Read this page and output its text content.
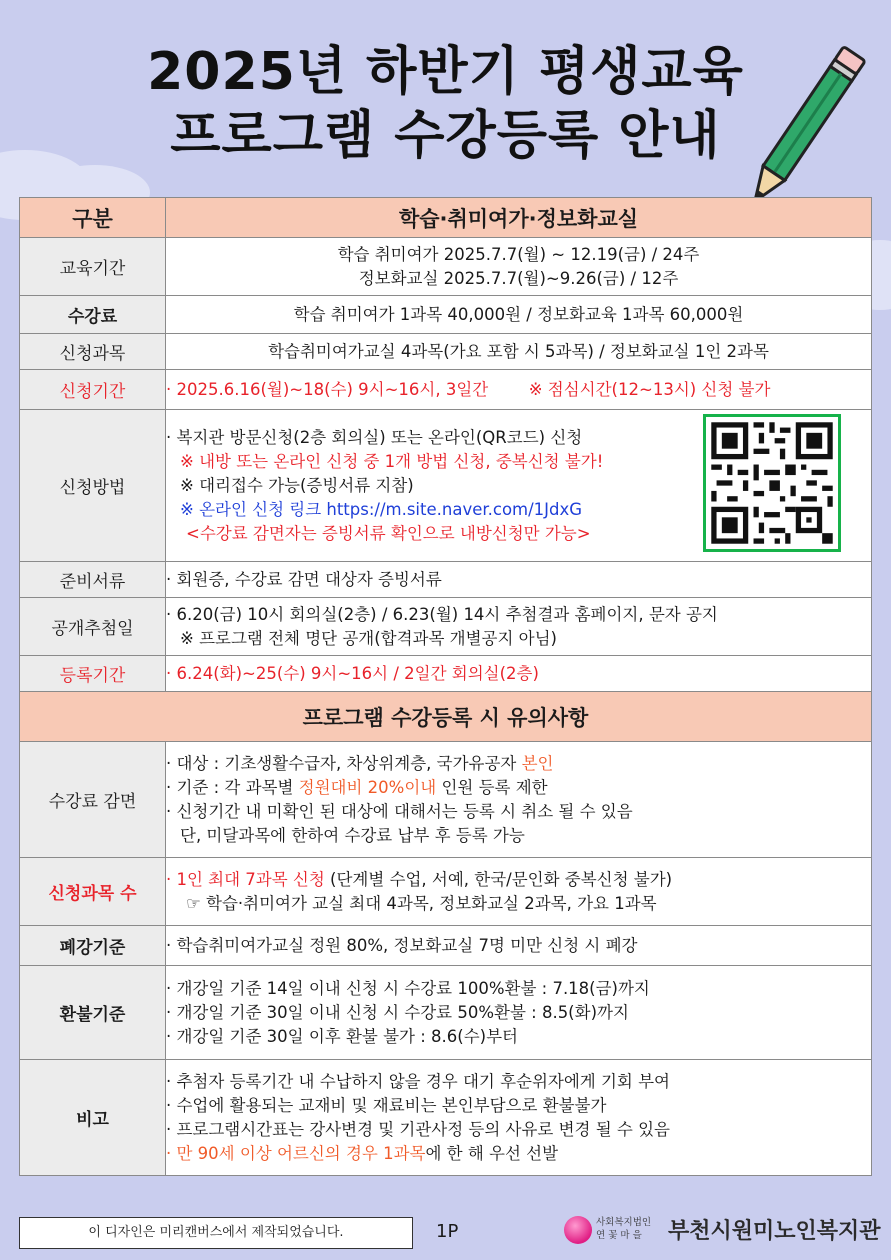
2025년 하반기 평생교육
프로그램 수강등록 안내
구분	학습·취미여가·정보화교실
교육기간	학습 취미여가 2025.7.7(월) ~ 12.19(금) / 24주
정보화교실 2025.7.7(월)~9.26(금) / 12주

수강료	학습 취미여가 1과목 40,000원 / 정보화교육 1과목 60,000원
신청과목	학습취미여가교실 4과목(가요 포함 시 5과목) / 정보화교실 1인 2과목
신청기간	· 2025.6.16(월)~18(수) 9시~16시, 3일간 ※ 점심시간(12~13시) 신청 불가
신청방법	· 복지관 방문신청(2층 회의실) 또는 온라인(QR코드) 신청
※ 내방 또는 온라인 신청 중 1개 방법 신청, 중복신청 불가!
※ 대리접수 가능(증빙서류 지참)
※ 온라인 신청 링크 https://m.site.naver.com/1JdxG
<수강료 감면자는 증빙서류 확인으로 내방신청만 가능>

준비서류	· 회원증, 수강료 감면 대상자 증빙서류
공개추첨일	· 6.20(금) 10시 회의실(2층) / 6.23(월) 14시 추첨결과 홈페이지, 문자 공지
※ 프로그램 전체 명단 공개(합격과목 개별공지 아님)

등록기간	· 6.24(화)~25(수) 9시~16시 / 2일간 회의실(2층)
프로그램 수강등록 시 유의사항	
수강료 감면	· 대상 : 기초생활수급자, 차상위계층, 국가유공자 본인
· 기준 : 각 과목별 정원대비 20%이내 인원 등록 제한
· 신청기간 내 미확인 된 대상에 대해서는 등록 시 취소 될 수 있음
단, 미달과목에 한하여 수강료 납부 후 등록 가능

신청과목 수	· 1인 최대 7과목 신청 (단계별 수업, 서예, 한국/문인화 중복신청 불가)
☞ 학습·취미여가 교실 최대 4과목, 정보화교실 2과목, 가요 1과목

폐강기준	· 학습취미여가교실 정원 80%, 정보화교실 7명 미만 신청 시 폐강
환불기준	· 개강일 기준 14일 이내 신청 시 수강료 100%환불 : 7.18(금)까지
· 개강일 기준 30일 이내 신청 시 수강료 50%환불 : 8.5(화)까지
· 개강일 기준 30일 이후 환불 불가 : 8.6(수)부터

비고	· 추첨자 등록기간 내 수납하지 않을 경우 대기 후순위자에게 기회 부여
· 수업에 활용되는 교재비 및 재료비는 본인부담으로 환불불가
· 프로그램시간표는 강사변경 및 기관사정 등의 사유로 변경 될 수 있음
· 만 90세 이상 어르신의 경우 1과목에 한 해 우선 선발
이 디자인은 미리캔버스에서 제작되었습니다.	1P	사회복지법인
연 꽃 마 을	부천시원미노인복지관
